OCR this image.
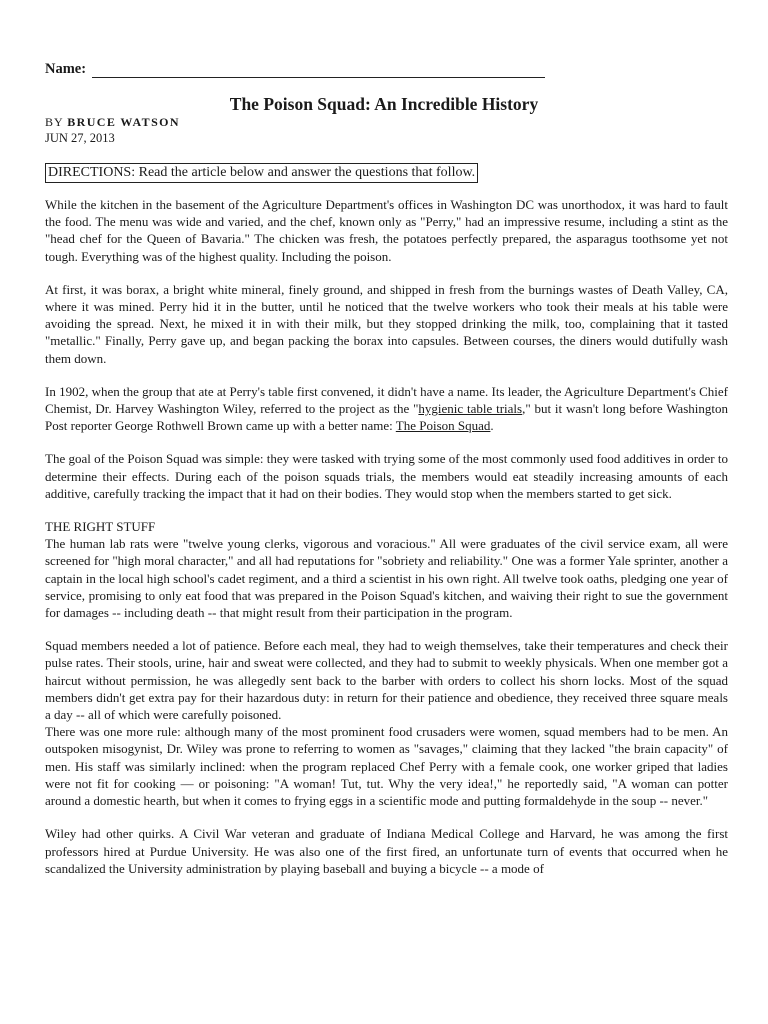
Name:
The Poison Squad: An Incredible History
BY BRUCE WATSON
JUN 27, 2013
DIRECTIONS: Read the article below and answer the questions that follow.

While the kitchen in the basement of the Agriculture Department's offices in Washington DC was unorthodox, it was hard to fault the food. The menu was wide and varied, and the chef, known only as "Perry," had an impressive resume, including a stint as the "head chef for the Queen of Bavaria." The chicken was fresh, the potatoes perfectly prepared, the asparagus toothsome yet not tough. Everything was of the highest quality. Including the poison.

At first, it was borax, a bright white mineral, finely ground, and shipped in fresh from the burnings wastes of Death Valley, CA, where it was mined. Perry hid it in the butter, until he noticed that the twelve workers who took their meals at his table were avoiding the spread. Next, he mixed it in with their milk, but they stopped drinking the milk, too, complaining that it tasted "metallic." Finally, Perry gave up, and began packing the borax into capsules. Between courses, the diners would dutifully wash them down.

In 1902, when the group that ate at Perry's table first convened, it didn't have a name. Its leader, the Agriculture Department's Chief Chemist, Dr. Harvey Washington Wiley, referred to the project as the "hygienic table trials," but it wasn't long before Washington Post reporter George Rothwell Brown came up with a better name: The Poison Squad.

The goal of the Poison Squad was simple: they were tasked with trying some of the most commonly used food additives in order to determine their effects. During each of the poison squads trials, the members would eat steadily increasing amounts of each additive, carefully tracking the impact that it had on their bodies. They would stop when the members started to get sick.

THE RIGHT STUFF

The human lab rats were "twelve young clerks, vigorous and voracious." All were graduates of the civil service exam, all were screened for "high moral character," and all had reputations for "sobriety and reliability." One was a former Yale sprinter, another a captain in the local high school's cadet regiment, and a third a scientist in his own right. All twelve took oaths, pledging one year of service, promising to only eat food that was prepared in the Poison Squad's kitchen, and waiving their right to sue the government for damages -- including death -- that might result from their participation in the program.

Squad members needed a lot of patience. Before each meal, they had to weigh themselves, take their temperatures and check their pulse rates. Their stools, urine, hair and sweat were collected, and they had to submit to weekly physicals. When one member got a haircut without permission, he was allegedly sent back to the barber with orders to collect his shorn locks. Most of the squad members didn't get extra pay for their hazardous duty: in return for their patience and obedience, they received three square meals a day -- all of which were carefully poisoned.

There was one more rule: although many of the most prominent food crusaders were women, squad members had to be men. An outspoken misogynist, Dr. Wiley was prone to referring to women as "savages," claiming that they lacked "the brain capacity" of men. His staff was similarly inclined: when the program replaced Chef Perry with a female cook, one worker griped that ladies were not fit for cooking — or poisoning: "A woman! Tut, tut. Why the very idea!," he reportedly said, "A woman can potter around a domestic hearth, but when it comes to frying eggs in a scientific mode and putting formaldehyde in the soup -- never."

Wiley had other quirks. A Civil War veteran and graduate of Indiana Medical College and Harvard, he was among the first professors hired at Purdue University. He was also one of the first fired, an unfortunate turn of events that occurred when he scandalized the University administration by playing baseball and buying a bicycle -- a mode of
